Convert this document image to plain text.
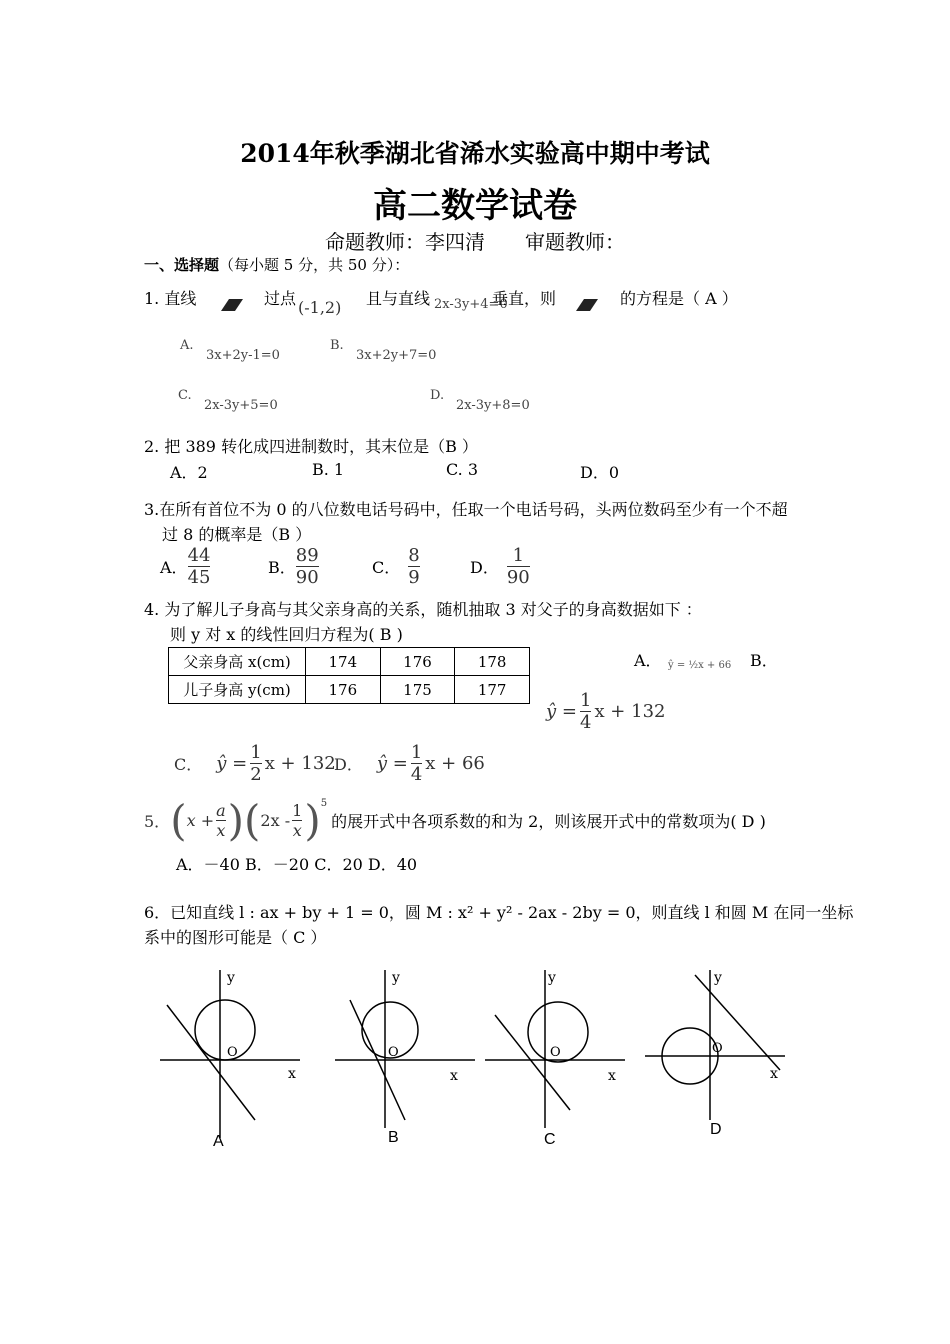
2014年秋季湖北省浠水实验高中期中考试
高二数学试卷
命题教师：李四清　　审题教师：
一、选择题（每小题 5 分，共 50 分）：
1. 直线	过点 (-1,2) 且与直线 2x-3y+4=0
垂直，则	的方程是（ A ）
A.
3x+2y-1=0
B.
3x+2y+7=0
C.
2x-3y+5=0
D.
2x-3y+8=0
2. 把 389 转化成四进制数时，其末位是（B ）
A．2	B. 1	C. 3	D．0
3.在所有首位不为 0 的八位数电话号码中，任取一个电话号码，头两位数码至少有一个不超
过 8 的概率是（B ）
A． $\frac{44}{45}$	B． $\frac{89}{90}$	C． $\frac{8}{9}$	D． $\frac{1}{90}$
4. 为了解儿子身高与其父亲身高的关系，随机抽取 3 对父子的身高数据如下 ：
则 y 对 x 的线性回归方程为( B )
父亲身高 x(cm)	174	176	178
儿子身高 y(cm)	176	175	177
A． ŷ = ½x + 66 B．
ŷ = $\frac{1}{4}$ x + 132
C． ŷ = $\frac{1}{2}$ x + 132
D． ŷ = $\frac{1}{4}$ x + 66
5． ( $x + \frac{a}{x}$ ) ( $2x - \frac{1}{x}$ ) 5
的展开式中各项系数的和为 2，则该展开式中的常数项为( D )
A．－40 B．－20 C．20 D．40
6．已知直线 l : ax + by + 1 = 0，圆 M : x² + y² - 2ax - 2by = 0，则直线 l 和圆 M 在同一坐标
系中的图形可能是（ C ）
y
x
O
A
y
x
O
B
y
x
O
C
y
x
O
D
